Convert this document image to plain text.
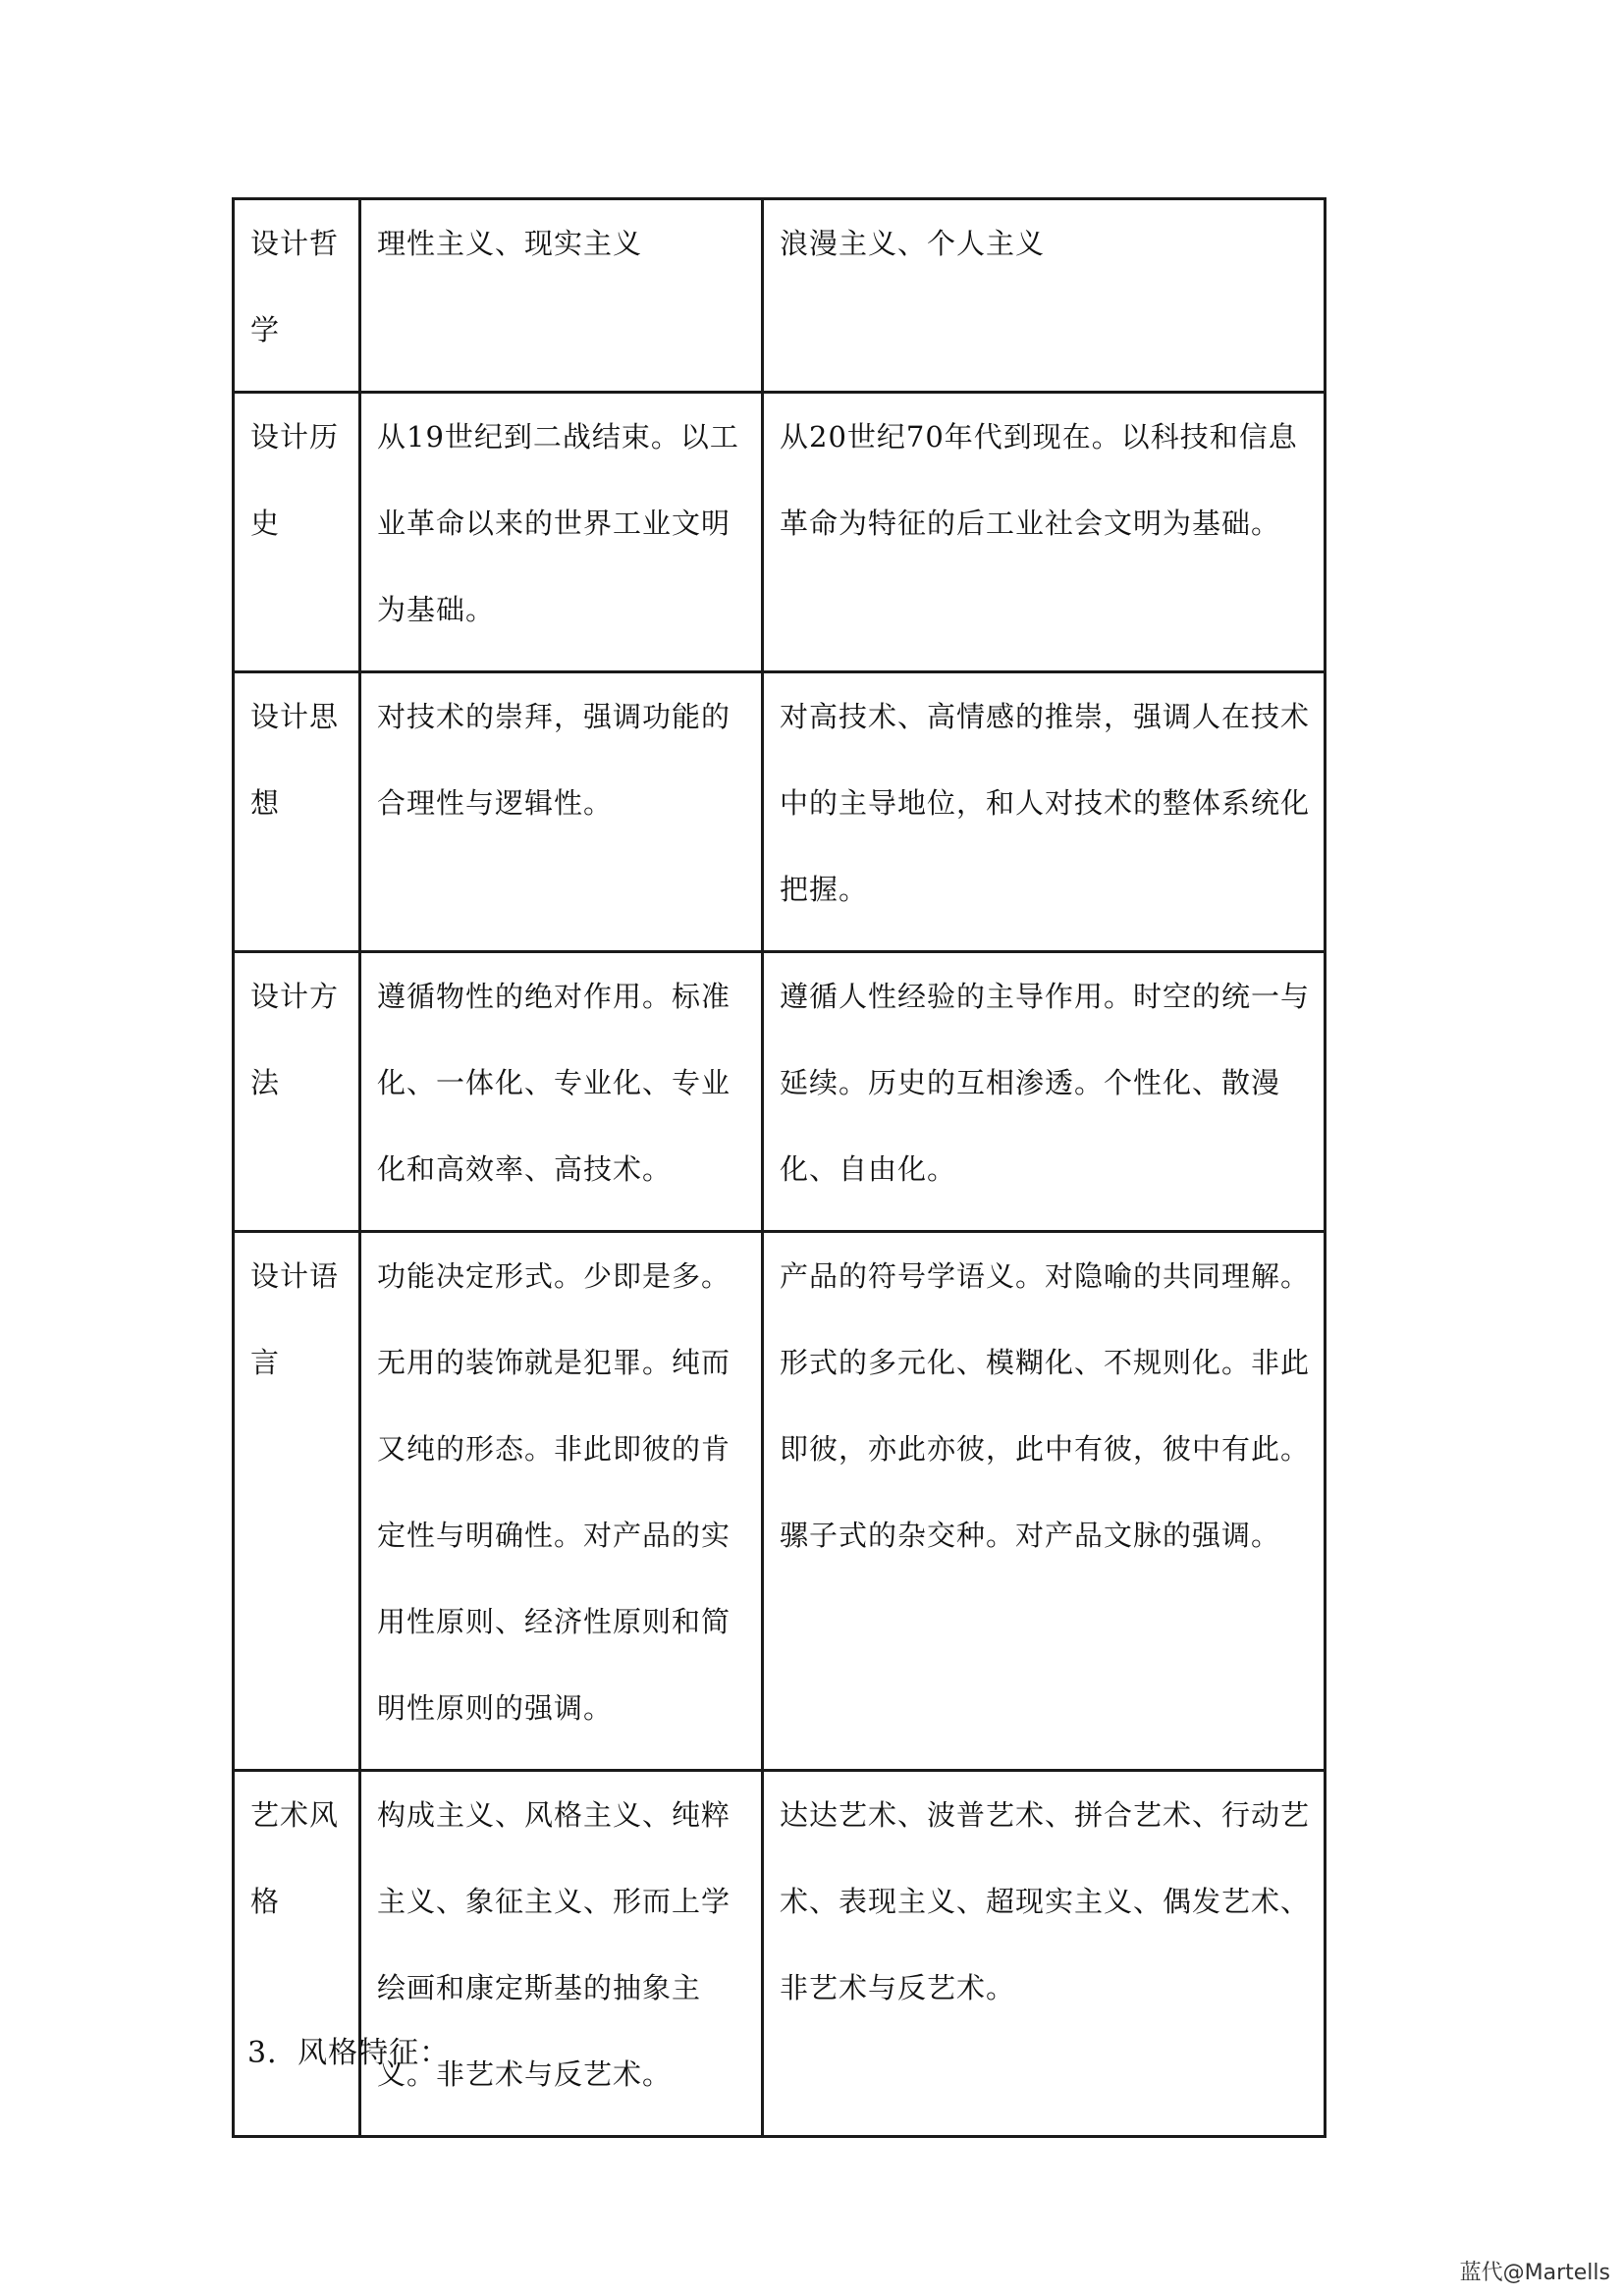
设计哲学	理性主义、现实主义	浪漫主义、个人主义

设计历史	从19世纪到二战结束。以工业革命以来的世界工业文明为基础。	从20世纪70年代到现在。以科技和信息革命为特征的后工业社会文明为基础。

设计思想	对技术的崇拜，强调功能的合理性与逻辑性。	对高技术、高情感的推崇，强调人在技术中的主导地位，和人对技术的整体系统化把握。

设计方法	遵循物性的绝对作用。标准化、一体化、专业化、专业化和高效率、高技术。	遵循人性经验的主导作用。时空的统一与延续。历史的互相渗透。个性化、散漫化、自由化。

设计语言	功能决定形式。少即是多。无用的装饰就是犯罪。纯而又纯的形态。非此即彼的肯定性与明确性。对产品的实用性原则、经济性原则和简明性原则的强调。	产品的符号学语义。对隐喻的共同理解。形式的多元化、模糊化、不规则化。非此即彼，亦此亦彼，此中有彼，彼中有此。骡子式的杂交种。对产品文脉的强调。

艺术风格	构成主义、风格主义、纯粹主义、象征主义、形而上学绘画和康定斯基的抽象主义。非艺术与反艺术。	达达艺术、波普艺术、拼合艺术、行动艺术、表现主义、超现实主义、偶发艺术、非艺术与反艺术。
3．风格特征：
蓝代@Martells
